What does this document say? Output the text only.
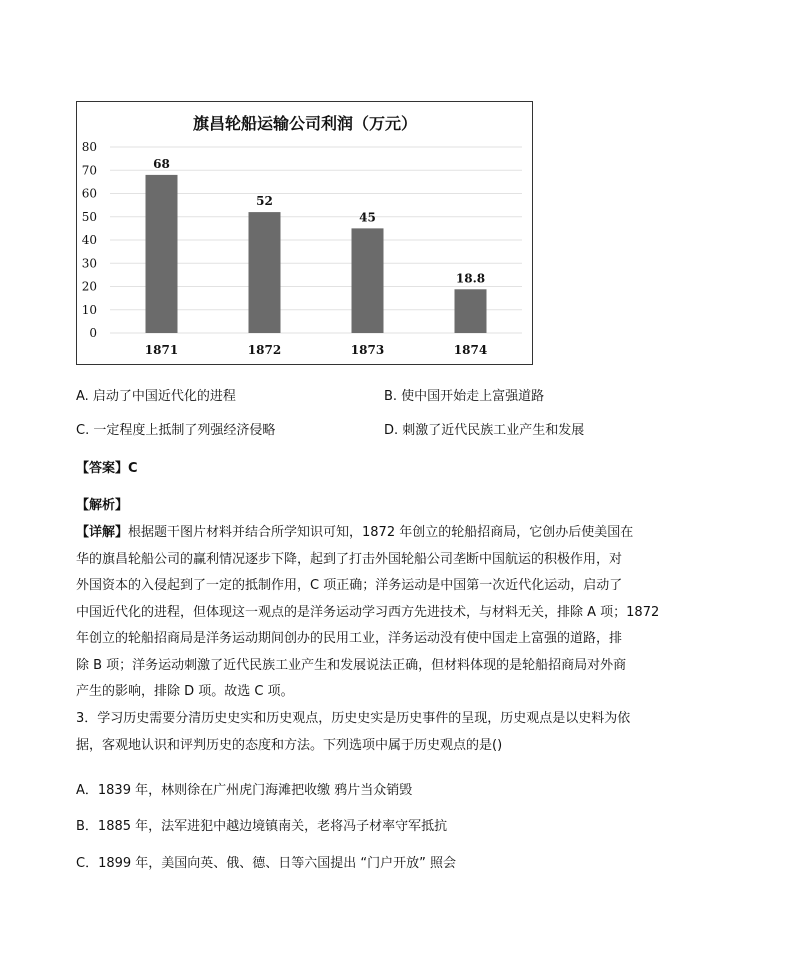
旗昌轮船运输公司利润（万元）
0
10
20
30
40
50
60
70
80
68
1871
52
1872
45
1873
18.8
1874
A. 启动了中国近代化的进程	B. 使中国开始走上富强道路
C. 一定程度上抵制了列强经济侵略	D. 刺激了近代民族工业产生和发展
【答案】C
【解析】

【详解】根据题干图片材料并结合所学知识可知，1872 年创立的轮船招商局，它创办后使美国在

华的旗昌轮船公司的赢利情况逐步下降，起到了打击外国轮船公司垄断中国航运的积极作用，对

外国资本的入侵起到了一定的抵制作用，C 项正确；洋务运动是中国第一次近代化运动，启动了

中国近代化的进程，但体现这一观点的是洋务运动学习西方先进技术，与材料无关，排除 A 项；1872

年创立的轮船招商局是洋务运动期间创办的民用工业，洋务运动没有使中国走上富强的道路，排

除 B 项；洋务运动刺激了近代民族工业产生和发展说法正确，但材料体现的是轮船招商局对外商

产生的影响，排除 D 项。故选 C 项。

3．学习历史需要分清历史史实和历史观点，历史史实是历史事件的呈现，历史观点是以史料为依

据，客观地认识和评判历史的态度和方法。下列选项中属于历史观点的是()

A．1839 年，林则徐在广州虎门海滩把收缴 鸦片当众销毁
B．1885 年，法军进犯中越边境镇南关，老将冯子材率守军抵抗
C．1899 年，美国向英、俄、德、日等六国提出 “门户开放” 照会
